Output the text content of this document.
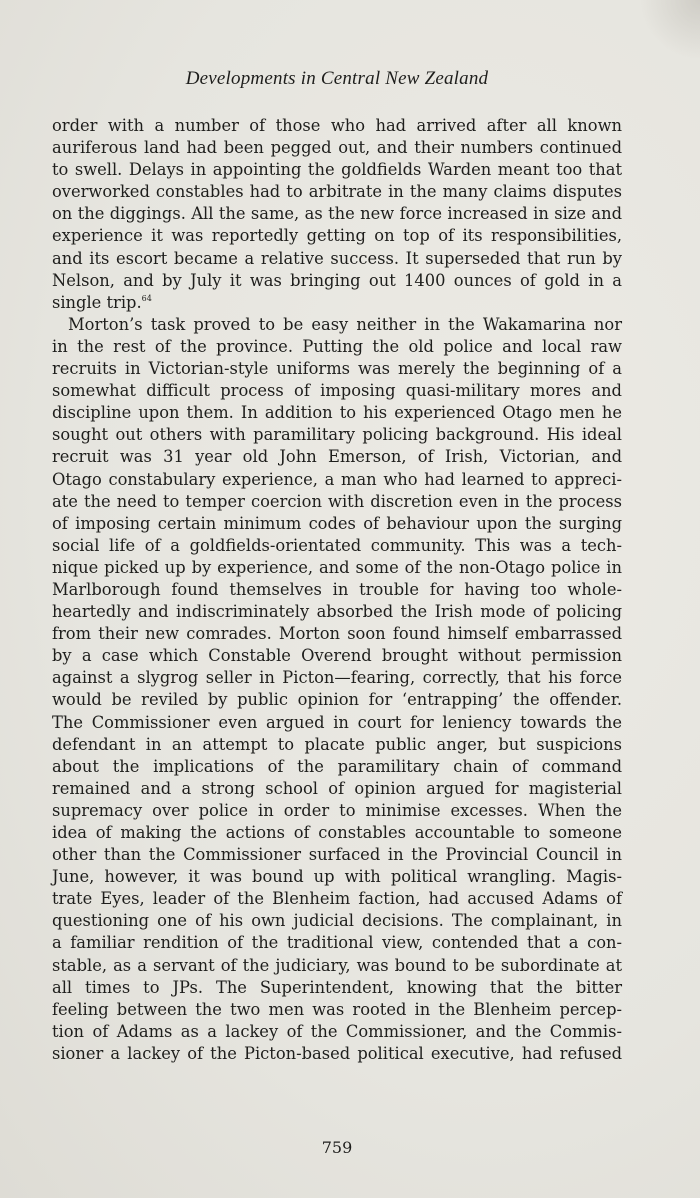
Developments in Central New Zealand
order with a number of those who had arrived after all known
auriferous land had been pegged out, and their numbers continued
to swell. Delays in appointing the goldfields Warden meant too that
overworked constables had to arbitrate in the many claims disputes
on the diggings. All the same, as the new force increased in size and
experience it was reportedly getting on top of its responsibilities,
and its escort became a relative success. It superseded that run by
Nelson, and by July it was bringing out 1400 ounces of gold in a
single trip.$^{64}$
Morton’s task proved to be easy neither in the Wakamarina nor
in the rest of the province. Putting the old police and local raw
recruits in Victorian-style uniforms was merely the beginning of a
somewhat difficult process of imposing quasi-military mores and
discipline upon them. In addition to his experienced Otago men he
sought out others with paramilitary policing background. His ideal
recruit was 31 year old John Emerson, of Irish, Victorian, and
Otago constabulary experience, a man who had learned to appreci-
ate the need to temper coercion with discretion even in the process
of imposing certain minimum codes of behaviour upon the surging
social life of a goldfields-orientated community. This was a tech-
nique picked up by experience, and some of the non-Otago police in
Marlborough found themselves in trouble for having too whole-
heartedly and indiscriminately absorbed the Irish mode of policing
from their new comrades. Morton soon found himself embarrassed
by a case which Constable Overend brought without permission
against a slygrog seller in Picton—fearing, correctly, that his force
would be reviled by public opinion for ‘entrapping’ the offender.
The Commissioner even argued in court for leniency towards the
defendant in an attempt to placate public anger, but suspicions
about the implications of the paramilitary chain of command
remained and a strong school of opinion argued for magisterial
supremacy over police in order to minimise excesses. When the
idea of making the actions of constables accountable to someone
other than the Commissioner surfaced in the Provincial Council in
June, however, it was bound up with political wrangling. Magis-
trate Eyes, leader of the Blenheim faction, had accused Adams of
questioning one of his own judicial decisions. The complainant, in
a familiar rendition of the traditional view, contended that a con-
stable, as a servant of the judiciary, was bound to be subordinate at
all times to JPs. The Superintendent, knowing that the bitter
feeling between the two men was rooted in the Blenheim percep-
tion of Adams as a lackey of the Commissioner, and the Commis-
sioner a lackey of the Picton-based political executive, had refused
759
